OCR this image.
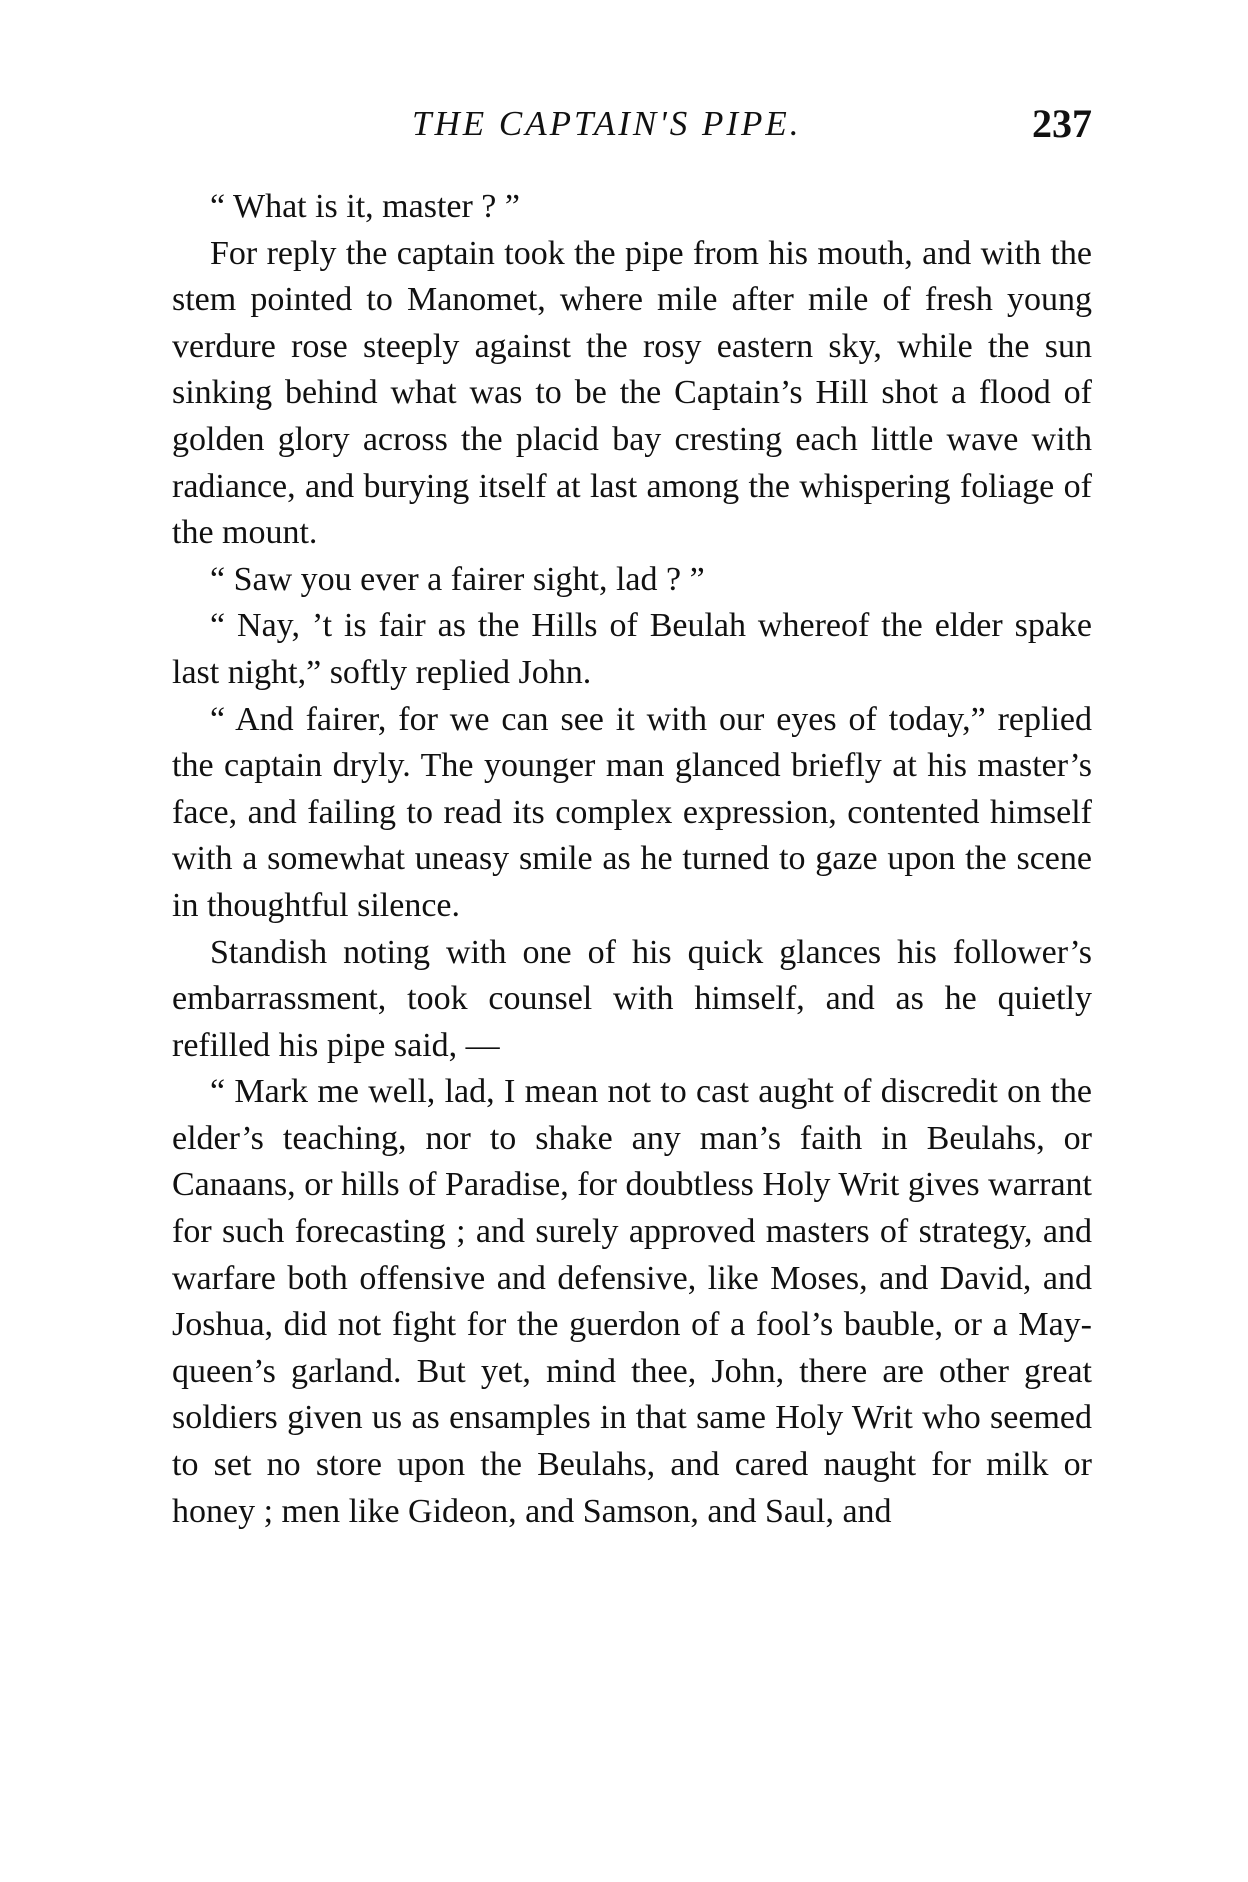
THE CAPTAIN'S PIPE.	237

“ What is it, master ? ”

For reply the captain took the pipe from his mouth, and with the stem pointed to Manomet, where mile after mile of fresh young verdure rose steeply against the rosy eastern sky, while the sun sinking behind what was to be the Captain’s Hill shot a flood of golden glory across the placid bay cresting each little wave with radiance, and burying itself at last among the whispering foliage of the mount.

“ Saw you ever a fairer sight, lad ? ”

“ Nay, ’t is fair as the Hills of Beulah whereof the elder spake last night,” softly replied John.

“ And fairer, for we can see it with our eyes of today,” replied the captain dryly. The younger man glanced briefly at his master’s face, and failing to read its complex expression, contented himself with a somewhat uneasy smile as he turned to gaze upon the scene in thoughtful silence.

Standish noting with one of his quick glances his follower’s embarrassment, took counsel with himself, and as he quietly refilled his pipe said, —

“ Mark me well, lad, I mean not to cast aught of discredit on the elder’s teaching, nor to shake any man’s faith in Beulahs, or Canaans, or hills of Paradise, for doubtless Holy Writ gives warrant for such forecasting ; and surely approved masters of strategy, and warfare both offensive and defensive, like Moses, and David, and Joshua, did not fight for the guerdon of a fool’s bauble, or a May-queen’s garland. But yet, mind thee, John, there are other great soldiers given us as ensamples in that same Holy Writ who seemed to set no store upon the Beulahs, and cared naught for milk or honey ; men like Gideon, and Samson, and Saul, and
